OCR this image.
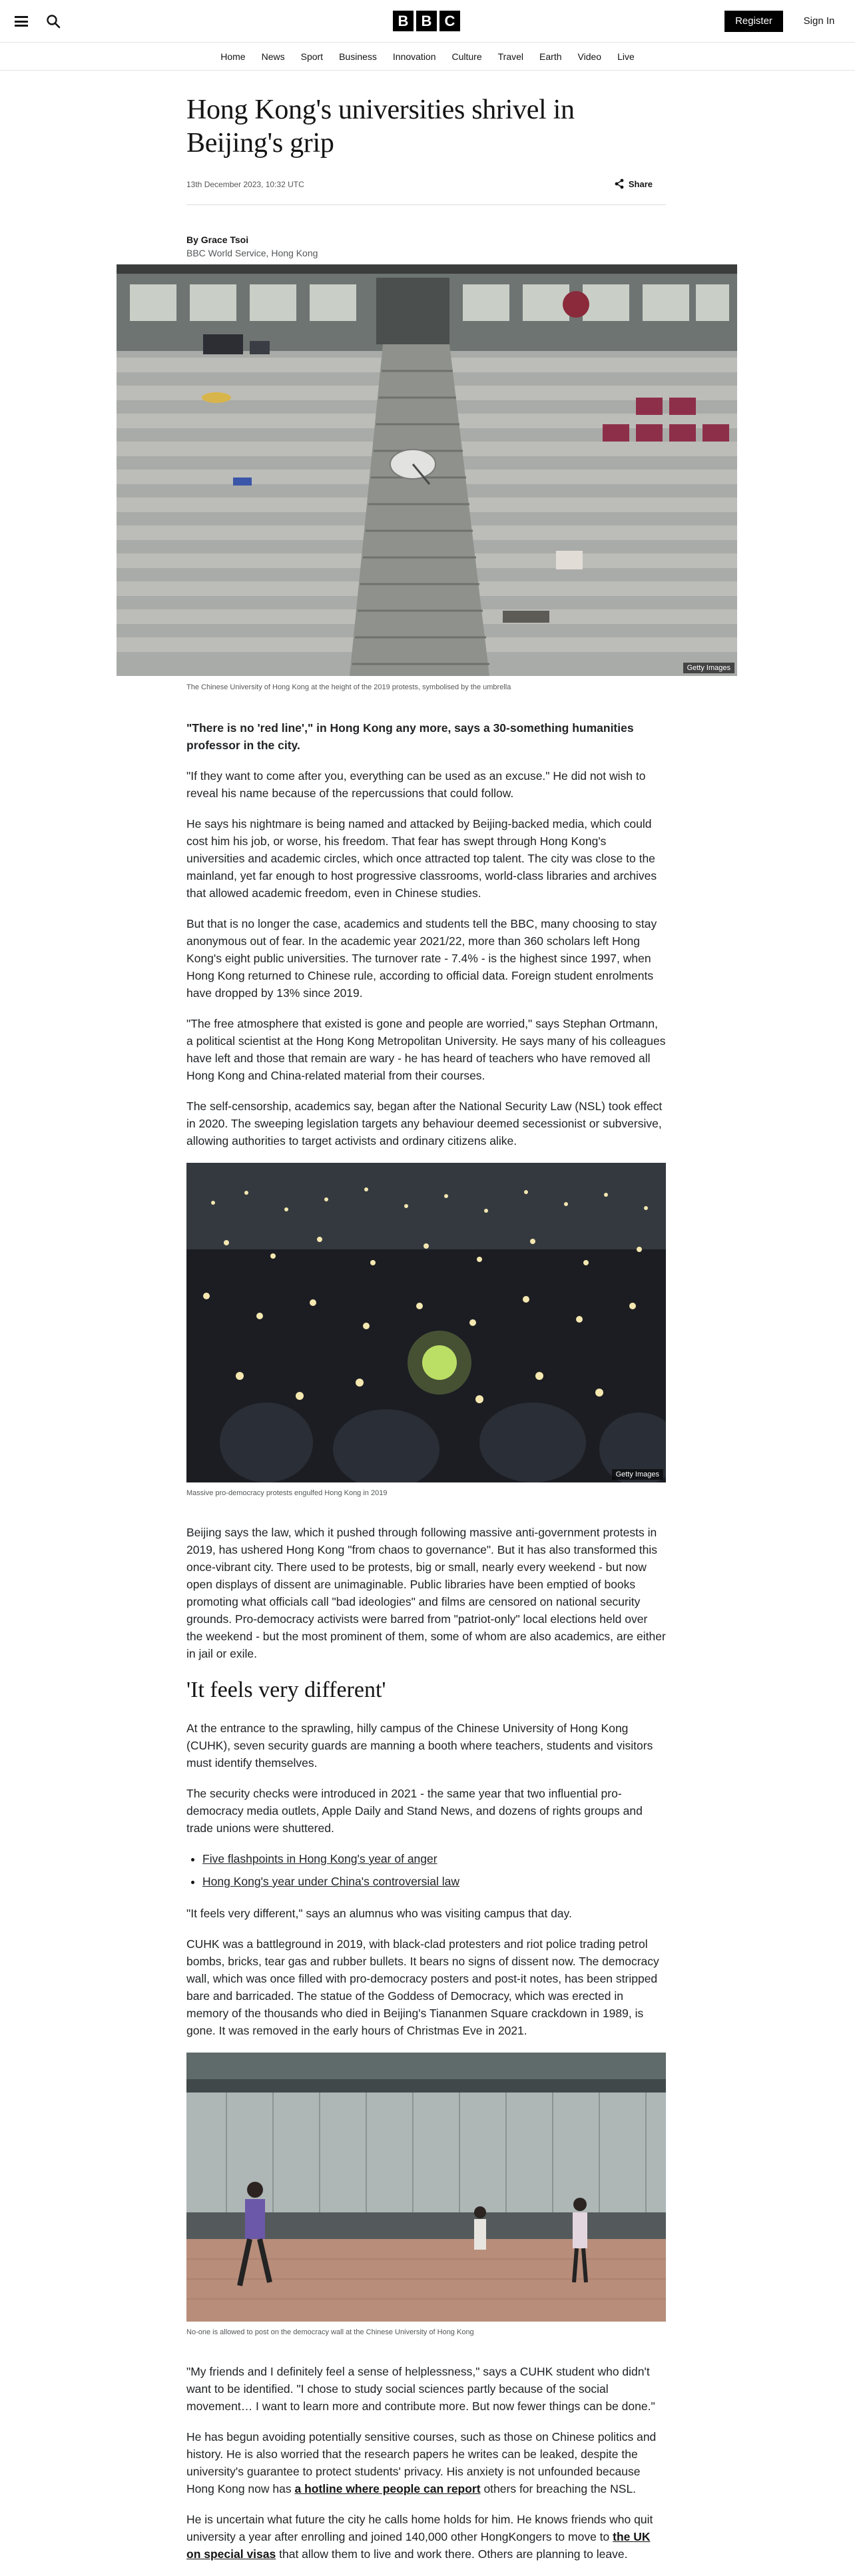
B B C	Register	Sign In
Home News Sport Business Innovation Culture Travel Earth Video Live
Getty Images
Hong Kong's universities shrivel in Beijing's grip
13th December 2023, 10:32 UTC	Share
By Grace Tsoi
BBC World Service, Hong Kong
The Chinese University of Hong Kong at the height of the 2019 protests, symbolised by the umbrella

"There is no 'red line'," in Hong Kong any more, says a 30-something humanities professor in the city.

"If they want to come after you, everything can be used as an excuse." He did not wish to reveal his name because of the repercussions that could follow.

He says his nightmare is being named and attacked by Beijing-backed media, which could cost him his job, or worse, his freedom. That fear has swept through Hong Kong's universities and academic circles, which once attracted top talent. The city was close to the mainland, yet far enough to host progressive classrooms, world-class libraries and archives that allowed academic freedom, even in Chinese studies.

But that is no longer the case, academics and students tell the BBC, many choosing to stay anonymous out of fear. In the academic year 2021/22, more than 360 scholars left Hong Kong's eight public universities. The turnover rate - 7.4% - is the highest since 1997, when Hong Kong returned to Chinese rule, according to official data. Foreign student enrolments have dropped by 13% since 2019.

"The free atmosphere that existed is gone and people are worried," says Stephan Ortmann, a political scientist at the Hong Kong Metropolitan University. He says many of his colleagues have left and those that remain are wary - he has heard of teachers who have removed all Hong Kong and China-related material from their courses.

The self-censorship, academics say, began after the National Security Law (NSL) took effect in 2020. The sweeping legislation targets any behaviour deemed secessionist or subversive, allowing authorities to target activists and ordinary citizens alike.

Getty Images
Massive pro-democracy protests engulfed Hong Kong in 2019

Beijing says the law, which it pushed through following massive anti-government protests in 2019, has ushered Hong Kong "from chaos to governance". But it has also transformed this once-vibrant city. There used to be protests, big or small, nearly every weekend - but now open displays of dissent are unimaginable. Public libraries have been emptied of books promoting what officials call "bad ideologies" and films are censored on national security grounds. Pro-democracy activists were barred from "patriot-only" local elections held over the weekend - but the most prominent of them, some of whom are also academics, are either in jail or exile.

'It feels very different'

At the entrance to the sprawling, hilly campus of the Chinese University of Hong Kong (CUHK), seven security guards are manning a booth where teachers, students and visitors must identify themselves.

The security checks were introduced in 2021 - the same year that two influential pro-democracy media outlets, Apple Daily and Stand News, and dozens of rights groups and trade unions were shuttered.

• Five flashpoints in Hong Kong's year of anger
• Hong Kong's year under China's controversial law

"It feels very different," says an alumnus who was visiting campus that day.

CUHK was a battleground in 2019, with black-clad protesters and riot police trading petrol bombs, bricks, tear gas and rubber bullets. It bears no signs of dissent now. The democracy wall, which was once filled with pro-democracy posters and post-it notes, has been stripped bare and barricaded. The statue of the Goddess of Democracy, which was erected in memory of the thousands who died in Beijing's Tiananmen Square crackdown in 1989, is gone. It was removed in the early hours of Christmas Eve in 2021.

No-one is allowed to post on the democracy wall at the Chinese University of Hong Kong

"My friends and I definitely feel a sense of helplessness," says a CUHK student who didn't want to be identified. "I chose to study social sciences partly because of the social movement… I want to learn more and contribute more. But now fewer things can be done."

He has begun avoiding potentially sensitive courses, such as those on Chinese politics and history. He is also worried that the research papers he writes can be leaked, despite the university's guarantee to protect students' privacy. His anxiety is not unfounded because Hong Kong now has a hotline where people can report others for breaching the NSL.

He is uncertain what future the city he calls home holds for him. He knows friends who quit university a year after enrolling and joined 140,000 other HongKongers to move to the UK on special visas that allow them to live and work there. Others are planning to leave.
